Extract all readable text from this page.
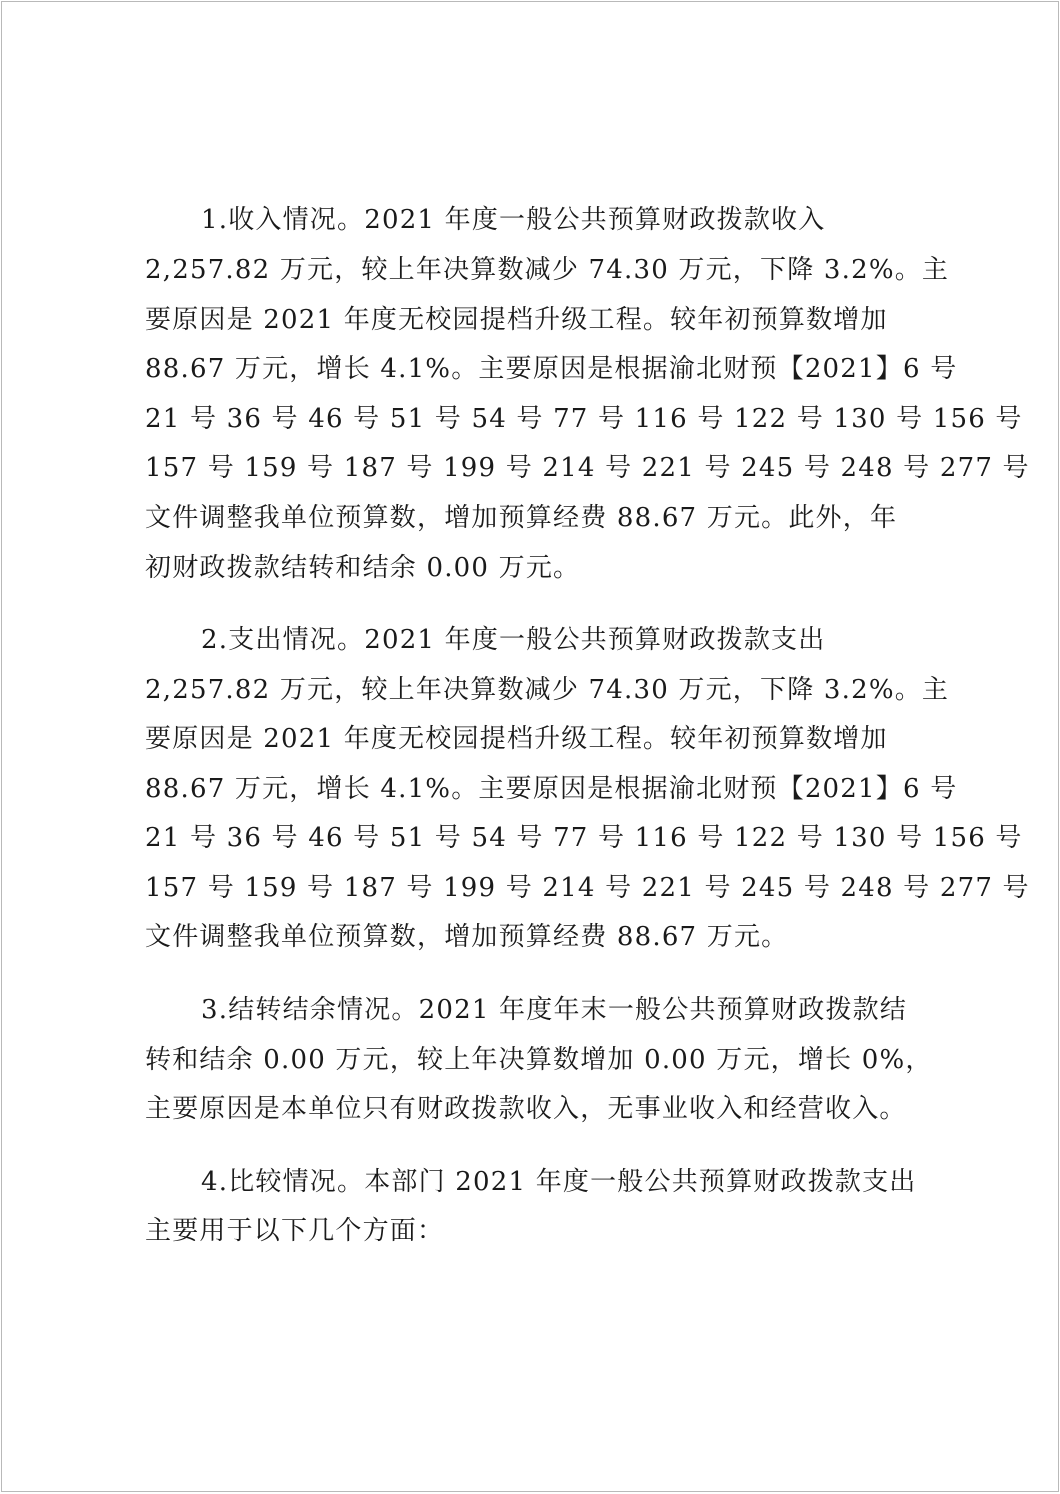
1.收入情况。2021 年度一般公共预算财政拨款收入
2,257.82 万元，较上年决算数减少 74.30 万元，下降 3.2%。主
要原因是 2021 年度无校园提档升级工程。较年初预算数增加
88.67 万元，增长 4.1%。主要原因是根据渝北财预【2021】6 号
21 号 36 号 46 号 51 号 54 号 77 号 116 号 122 号 130 号 156 号
157 号 159 号 187 号 199 号 214 号 221 号 245 号 248 号 277 号
文件调整我单位预算数，增加预算经费 88.67 万元。此外，年
初财政拨款结转和结余 0.00 万元。
2.支出情况。2021 年度一般公共预算财政拨款支出
2,257.82 万元，较上年决算数减少 74.30 万元，下降 3.2%。主
要原因是 2021 年度无校园提档升级工程。较年初预算数增加
88.67 万元，增长 4.1%。主要原因是根据渝北财预【2021】6 号
21 号 36 号 46 号 51 号 54 号 77 号 116 号 122 号 130 号 156 号
157 号 159 号 187 号 199 号 214 号 221 号 245 号 248 号 277 号
文件调整我单位预算数，增加预算经费 88.67 万元。
3.结转结余情况。2021 年度年末一般公共预算财政拨款结
转和结余 0.00 万元，较上年决算数增加 0.00 万元，增长 0%，
主要原因是本单位只有财政拨款收入，无事业收入和经营收入。
4.比较情况。本部门 2021 年度一般公共预算财政拨款支出
主要用于以下几个方面：
